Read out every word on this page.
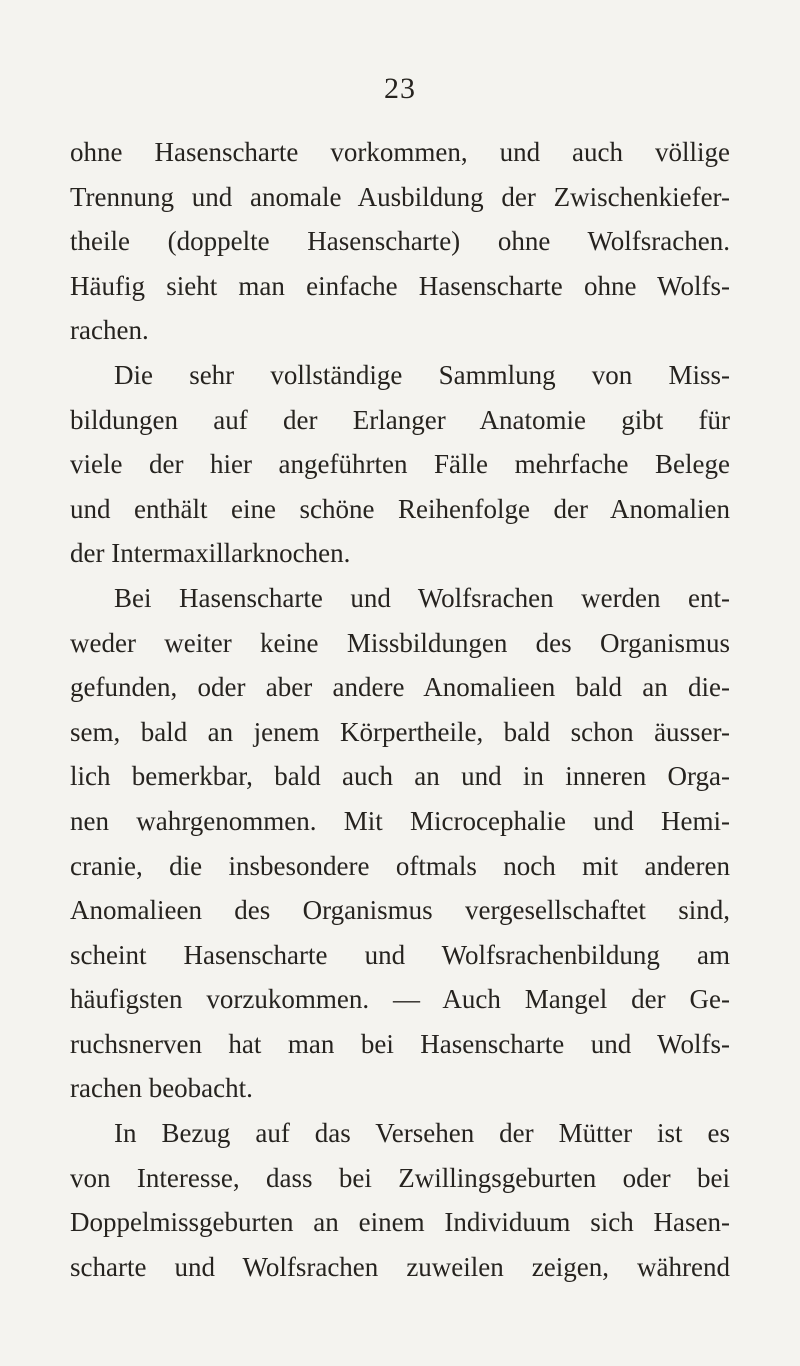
23
ohne Hasenscharte vorkommen, und auch völlige
Trennung und anomale Ausbildung der Zwischenkiefer-
theile (doppelte Hasenscharte) ohne Wolfsrachen.
Häufig sieht man einfache Hasenscharte ohne Wolfs-
rachen.
Die sehr vollständige Sammlung von Miss-
bildungen auf der Erlanger Anatomie gibt für
viele der hier angeführten Fälle mehrfache Belege
und enthält eine schöne Reihenfolge der Anomalien
der Intermaxillarknochen.
Bei Hasenscharte und Wolfsrachen werden ent-
weder weiter keine Missbildungen des Organismus
gefunden, oder aber andere Anomalieen bald an die-
sem, bald an jenem Körpertheile, bald schon äusser-
lich bemerkbar, bald auch an und in inneren Orga-
nen wahrgenommen. Mit Microcephalie und Hemi-
cranie, die insbesondere oftmals noch mit anderen
Anomalieen des Organismus vergesellschaftet sind,
scheint Hasenscharte und Wolfsrachenbildung am
häufigsten vorzukommen. — Auch Mangel der Ge-
ruchsnerven hat man bei Hasenscharte und Wolfs-
rachen beobacht.
In Bezug auf das Versehen der Mütter ist es
von Interesse, dass bei Zwillingsgeburten oder bei
Doppelmissgeburten an einem Individuum sich Hasen-
scharte und Wolfsrachen zuweilen zeigen, während
